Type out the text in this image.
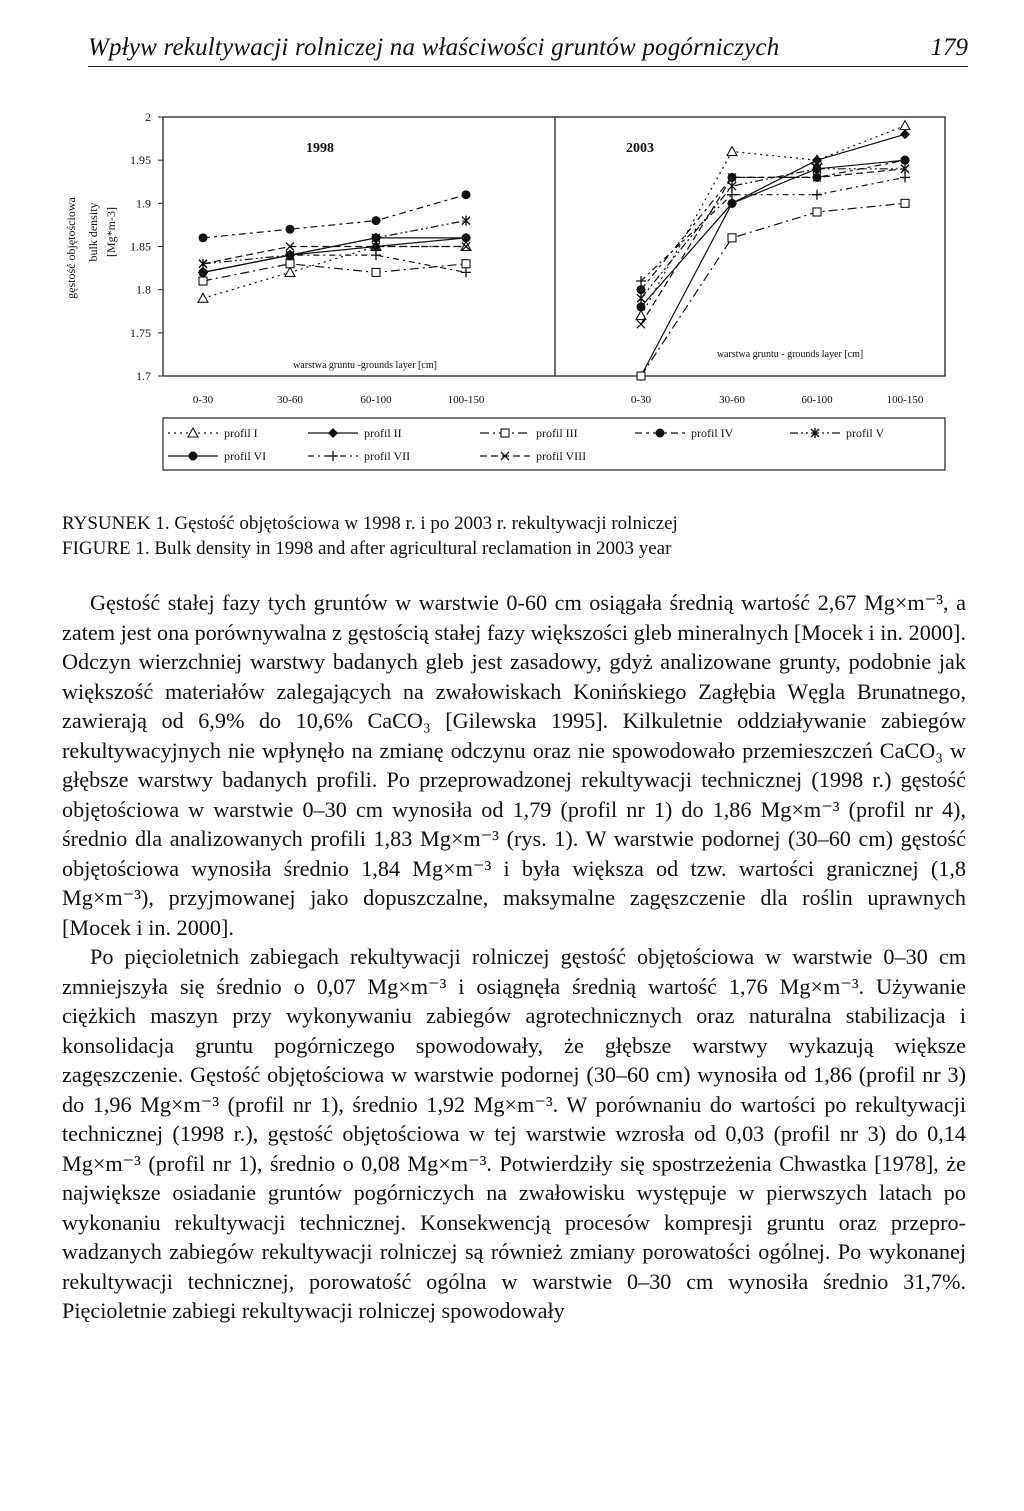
Wpływ rekultywacji rolniczej na właściwości gruntów pogórniczych	179
2
1.95
1.9
1.85
1.8
1.75
1.7
gęstość objętościowa bulk density [Mg*m-3]
1998
warstwa gruntu -grounds layer [cm]
0-30	30-60	60-100	100-150
2003
warstwa gruntu - grounds layer [cm]
0-30	30-60	60-100	100-150
profil I	profil II	profil III	profil IV	profil V
profil VI	profil VII	profil VIII
RYSUNEK 1. Gęstość objętościowa w 1998 r. i po 2003 r. rekultywacji rolniczej
FIGURE 1. Bulk density in 1998 and after agricultural reclamation in 2003 year

Gęstość stałej fazy tych gruntów w warstwie 0-60 cm osiągała średnią wartość 2,67 Mg×m⁻³, a zatem jest ona porównywalna z gęstością stałej fazy większości gleb mineralnych [Mocek i in. 2000]. Odczyn wierzchniej warstwy badanych gleb jest zasadowy, gdyż analizowane grunty, podobnie jak większość materiałów zalegających na zwałowiskach Konińskiego Zagłębia Węgla Brunatnego, zawierają od 6,9% do 10,6% CaCO₃ [Gilewska 1995]. Kilkuletnie oddziaływanie zabiegów rekultywacyjnych nie wpłynęło na zmianę odczynu oraz nie spowodowało przemieszczeń CaCO₃ w głębsze warstwy badanych profili. Po przeprowadzonej rekultywacji technicznej (1998 r.) gęstość objętościowa w warstwie 0–30 cm wynosiła od 1,79 (profil nr 1) do 1,86 Mg×m⁻³ (profil nr 4), średnio dla analizowanych profili 1,83 Mg×m⁻³ (rys. 1). W warstwie podornej (30–60 cm) gęstość objętościowa wynosiła średnio 1,84 Mg×m⁻³ i była większa od tzw. wartości granicznej (1,8 Mg×m⁻³), przyjmowanej jako dopuszczalne, maksymalne zagęszczenie dla roślin uprawnych [Mocek i in. 2000].

Po pięcioletnich zabiegach rekultywacji rolniczej gęstość objętościowa w warstwie 0–30 cm zmniejszyła się średnio o 0,07 Mg×m⁻³ i osiągnęła średnią wartość 1,76 Mg×m⁻³. Używanie ciężkich maszyn przy wykonywaniu zabiegów agrotechnicznych oraz naturalna stabilizacja i konsolidacja gruntu pogórniczego spowodowały, że głębsze warstwy wykazują większe zagęszczenie. Gęstość objętościowa w warstwie podornej (30–60 cm) wynosiła od 1,86 (profil nr 3) do 1,96 Mg×m⁻³ (profil nr 1), średnio 1,92 Mg×m⁻³. W porównaniu do wartości po rekultywacji technicznej (1998 r.), gęstość objętościowa w tej warstwie wzrosła od 0,03 (profil nr 3) do 0,14 Mg×m⁻³ (profil nr 1), średnio o 0,08 Mg×m⁻³. Potwierdziły się spostrzeżenia Chwastka [1978], że największe osiadanie gruntów pogórniczych na zwałowisku występuje w pierwszych latach po wykonaniu rekultywacji technicznej. Konsekwencją procesów kompresji gruntu oraz przepro-wadzanych zabiegów rekultywacji rolniczej są również zmiany porowatości ogólnej. Po wykonanej rekultywacji technicznej, porowatość ogólna w warstwie 0–30 cm wynosiła średnio 31,7%. Pięcioletnie zabiegi rekultywacji rolniczej spowodowały
